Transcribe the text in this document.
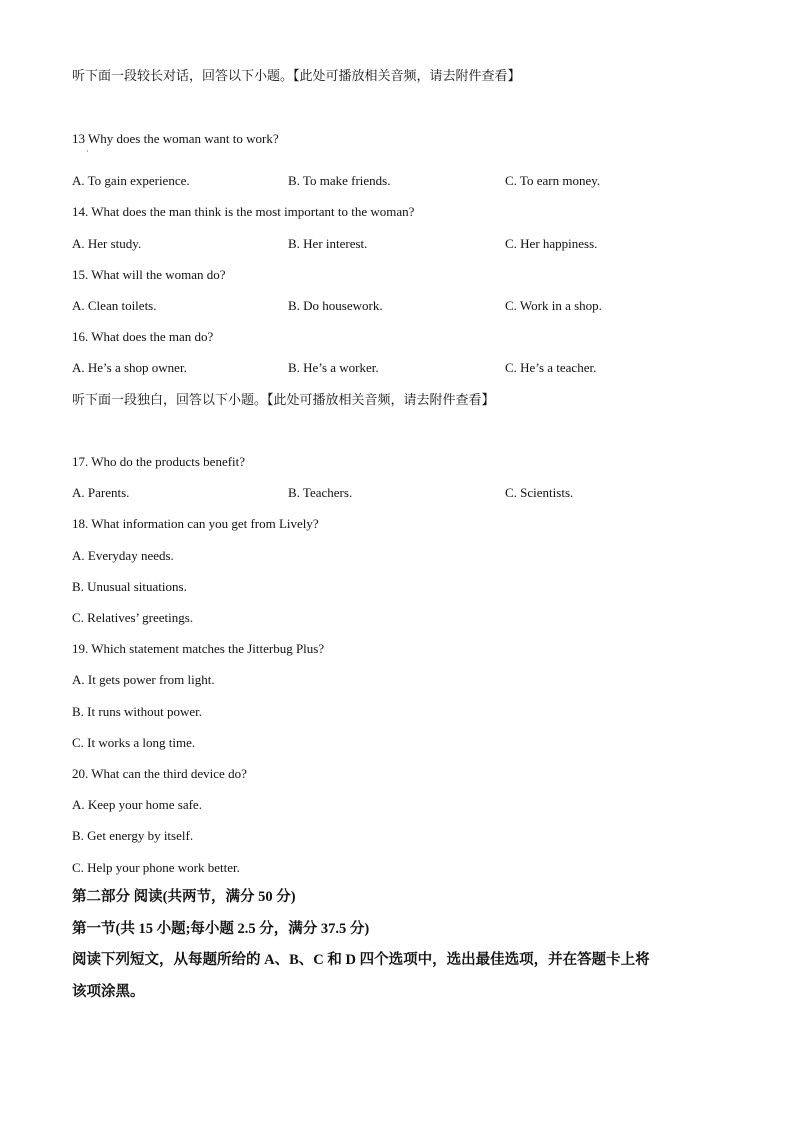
听下面一段较长对话，回答以下小题。【此处可播放相关音频，请去附件查看】
13 Why does the woman want to work?
·
A. To gain experience.	B. To make friends.	C. To earn money.
14. What does the man think is the most important to the woman?
A. Her study.	B. Her interest.	C. Her happiness.
15. What will the woman do?
A. Clean toilets.	B. Do housework.	C. Work in a shop.
16. What does the man do?
A. He’s a shop owner.	B. He’s a worker.	C. He’s a teacher.
听下面一段独白，回答以下小题。【此处可播放相关音频，请去附件查看】
17. Who do the products benefit?
A. Parents.	B. Teachers.	C. Scientists.
18. What information can you get from Lively?
A. Everyday needs.
B. Unusual situations.
C. Relatives’ greetings.
19. Which statement matches the Jitterbug Plus?
A. It gets power from light.
B. It runs without power.
C. It works a long time.
20. What can the third device do?
A. Keep your home safe.
B. Get energy by itself.
C. Help your phone work better.
第二部分 阅读(共两节，满分 50 分)
第一节(共 15 小题;每小题 2.5 分，满分 37.5 分)
阅读下列短文，从每题所给的 A、B、C 和 D 四个选项中，选出最佳选项，并在答题卡上将
该项涂黑。
